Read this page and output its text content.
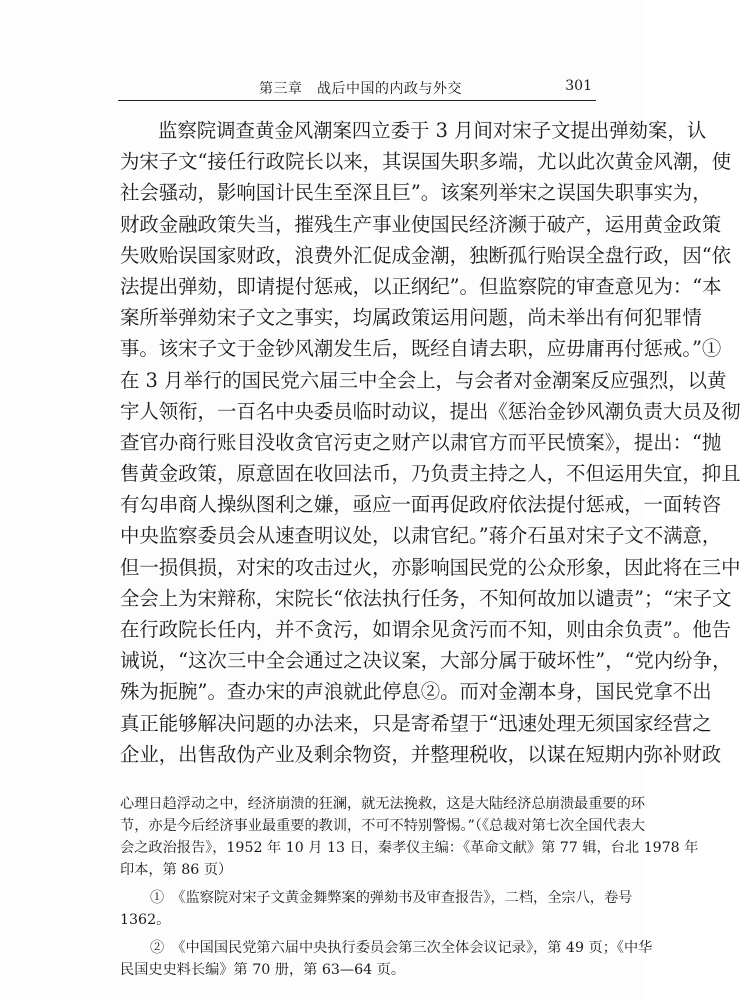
第三章　战后中国的内政与外交	301
监察院调查黄金风潮案四立委于 3 月间对宋子文提出弹劾案，认
为宋子文“接任行政院长以来，其误国失职多端，尤以此次黄金风潮，使
社会骚动，影响国计民生至深且巨”。该案列举宋之误国失职事实为，
财政金融政策失当，摧残生产事业使国民经济濒于破产，运用黄金政策
失败贻误国家财政，浪费外汇促成金潮，独断孤行贻误全盘行政，因“依
法提出弹劾，即请提付惩戒，以正纲纪”。但监察院的审查意见为：“本
案所举弹劾宋子文之事实，均属政策运用问题，尚未举出有何犯罪情
事。该宋子文于金钞风潮发生后，既经自请去职，应毋庸再付惩戒。”①
在 3 月举行的国民党六届三中全会上，与会者对金潮案反应强烈，以黄
宇人领衔，一百名中央委员临时动议，提出《惩治金钞风潮负责大员及彻
查官办商行账目没收贪官污吏之财产以肃官方而平民愤案》，提出：“抛
售黄金政策，原意固在收回法币，乃负责主持之人，不但运用失宜，抑且
有勾串商人操纵图利之嫌，亟应一面再促政府依法提付惩戒，一面转咨
中央监察委员会从速查明议处，以肃官纪。”蒋介石虽对宋子文不满意，
但一损俱损，对宋的攻击过火，亦影响国民党的公众形象，因此将在三中
全会上为宋辩称，宋院长“依法执行任务，不知何故加以谴责”；“宋子文
在行政院长任内，并不贪污，如谓余见贪污而不知，则由余负责”。他告
诫说，“这次三中全会通过之决议案，大部分属于破坏性”，“党内纷争，
殊为扼腕”。查办宋的声浪就此停息②。而对金潮本身，国民党拿不出
真正能够解决问题的办法来，只是寄希望于“迅速处理无须国家经营之
企业，出售敌伪产业及剩余物资，并整理税收，以谋在短期内弥补财政
心理日趋浮动之中，经济崩溃的狂澜，就无法挽救，这是大陆经济总崩溃最重要的环
节，亦是今后经济事业最重要的教训，不可不特别警惕。”（《总裁对第七次全国代表大
会之政治报告》，1952 年 10 月 13 日，秦孝仪主编：《革命文献》第 77 辑，台北 1978 年
印本，第 86 页）
①　《监察院对宋子文黄金舞弊案的弹劾书及审查报告》，二档，全宗八，卷号
1362。
②　《中国国民党第六届中央执行委员会第三次全体会议记录》，第 49 页；《中华
民国史史料长编》第 70 册，第 63—64 页。
